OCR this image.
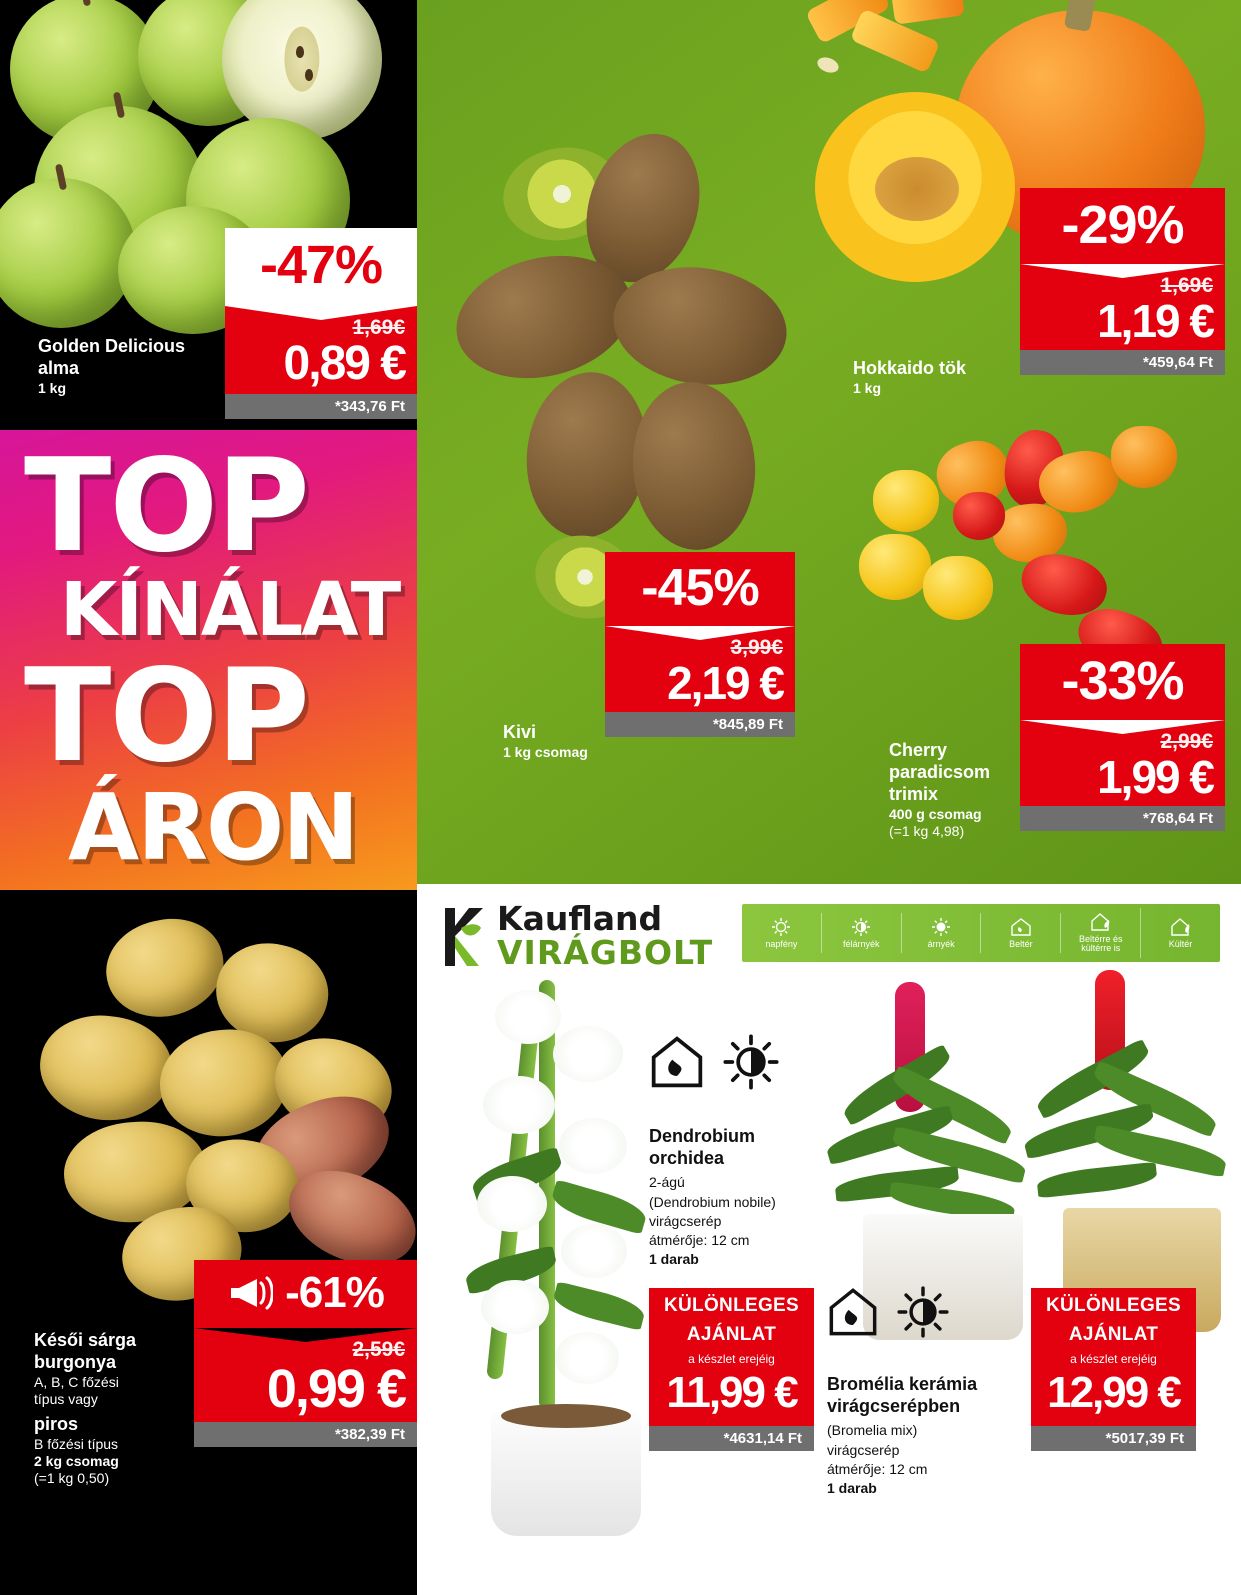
-45%
3,99€
2,19 €
*845,89 Ft
Kivi
1 kg csomag
-29%
1,69€
1,19 €
*459,64 Ft
Hokkaido tök
1 kg
-33%
2,99€
1,99 €
*768,64 Ft
Cherry
paradicsom
trimix
400 g csomag
(=1 kg 4,98)
-47%
1,69€
0,89 €
*343,76 Ft
Golden Delicious
alma
1 kg
TOP
KÍNÁLAT
TOP
ÁRON
-61%
2,59€
0,99 €
*382,39 Ft
Késői sárga
burgonya
A, B, C főzési
típus vagy
piros
B főzési típus
2 kg csomag
(=1 kg 0,50)
Kaufland
VIRÁGBOLT	napfény	félárnyék	árnyék	Beltér	Beltérre és kültérre is	Kültér
Dendrobium
orchidea
2-ágú
(Dendrobium nobile)
virágcserép
átmérője: 12 cm
1 darab
KÜLÖNLEGES
AJÁNLAT
a készlet erejéig
11,99 €
*4631,14 Ft
Bromélia kerámia
virágcserépben
(Bromelia mix)
virágcserép
átmérője: 12 cm
1 darab
KÜLÖNLEGES
AJÁNLAT
a készlet erejéig
12,99 €
*5017,39 Ft
